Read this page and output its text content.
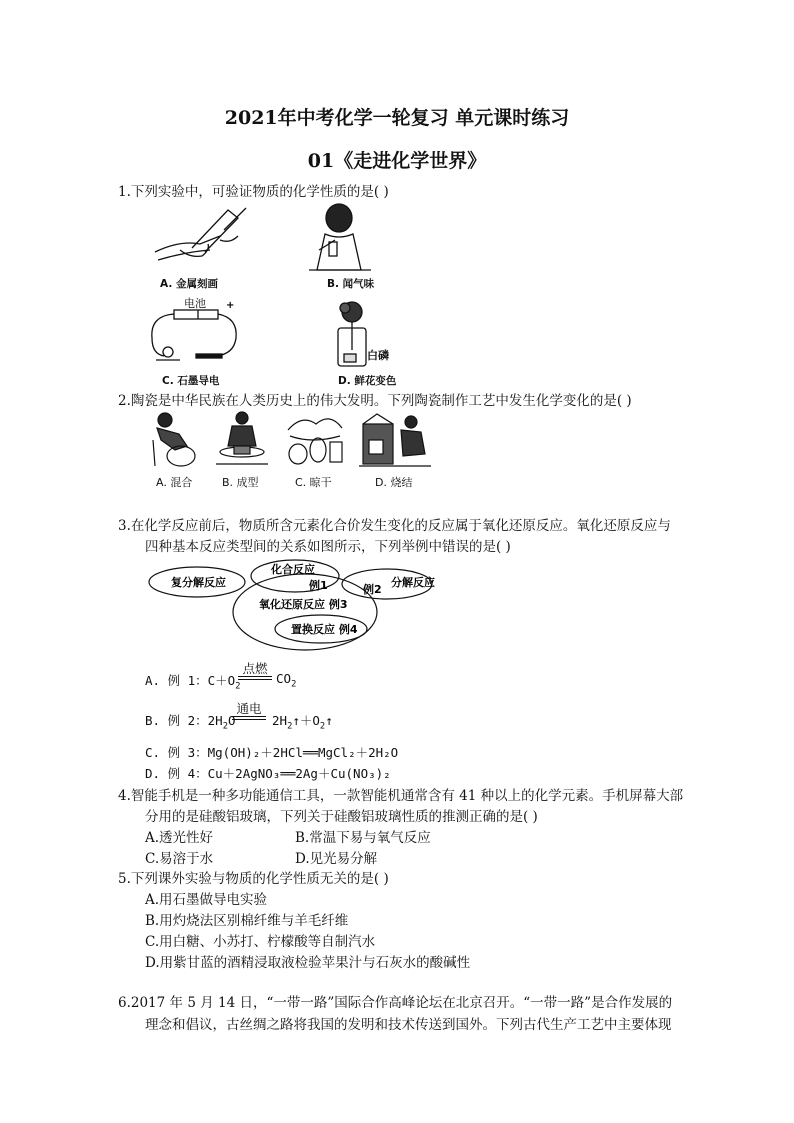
2021年中考化学一轮复习 单元课时练习
01《走进化学世界》
1.下列实验中，可验证物质的化学性质的是( )
A. 金属刻画	B. 闻气味
+
电池
C. 石墨导电
白磷
D. 鲜花变色
2.陶瓷是中华民族在人类历史上的伟大发明。下列陶瓷制作工艺中发生化学变化的是( )
A. 混合	B. 成型	C. 晾干	D. 烧结
3.在化学反应前后，物质所含元素化合价发生变化的反应属于氧化还原反应。氧化还原反应与
四种基本反应类型间的关系如图所示，下列举例中错误的是( )
复分解反应
化合反应
例1	例2
分解反应
氧化还原反应 例3
置换反应 例4
A. 例 1：$C+O_2$
点燃
$CO_2$
B. 例 2：$2H_2O$
通电
$2H_2↑+O_2↑$
C. 例 3：Mg(OH)₂＋2HCl══MgCl₂＋2H₂O
D. 例 4：Cu＋2AgNO₃══2Ag＋Cu(NO₃)₂
4.智能手机是一种多功能通信工具，一款智能机通常含有 41 种以上的化学元素。手机屏幕大部
分用的是硅酸铝玻璃，下列关于硅酸铝玻璃性质的推测正确的是( )
A.透光性好	B.常温下易与氧气反应
C.易溶于水	D.见光易分解
5.下列课外实验与物质的化学性质无关的是( )
A.用石墨做导电实验
B.用灼烧法区别棉纤维与羊毛纤维
C.用白糖、小苏打、柠檬酸等自制汽水
D.用紫甘蓝的酒精浸取液检验苹果汁与石灰水的酸碱性
6.2017 年 5 月 14 日，“一带一路”国际合作高峰论坛在北京召开。“一带一路”是合作发展的
理念和倡议，古丝绸之路将我国的发明和技术传送到国外。下列古代生产工艺中主要体现
